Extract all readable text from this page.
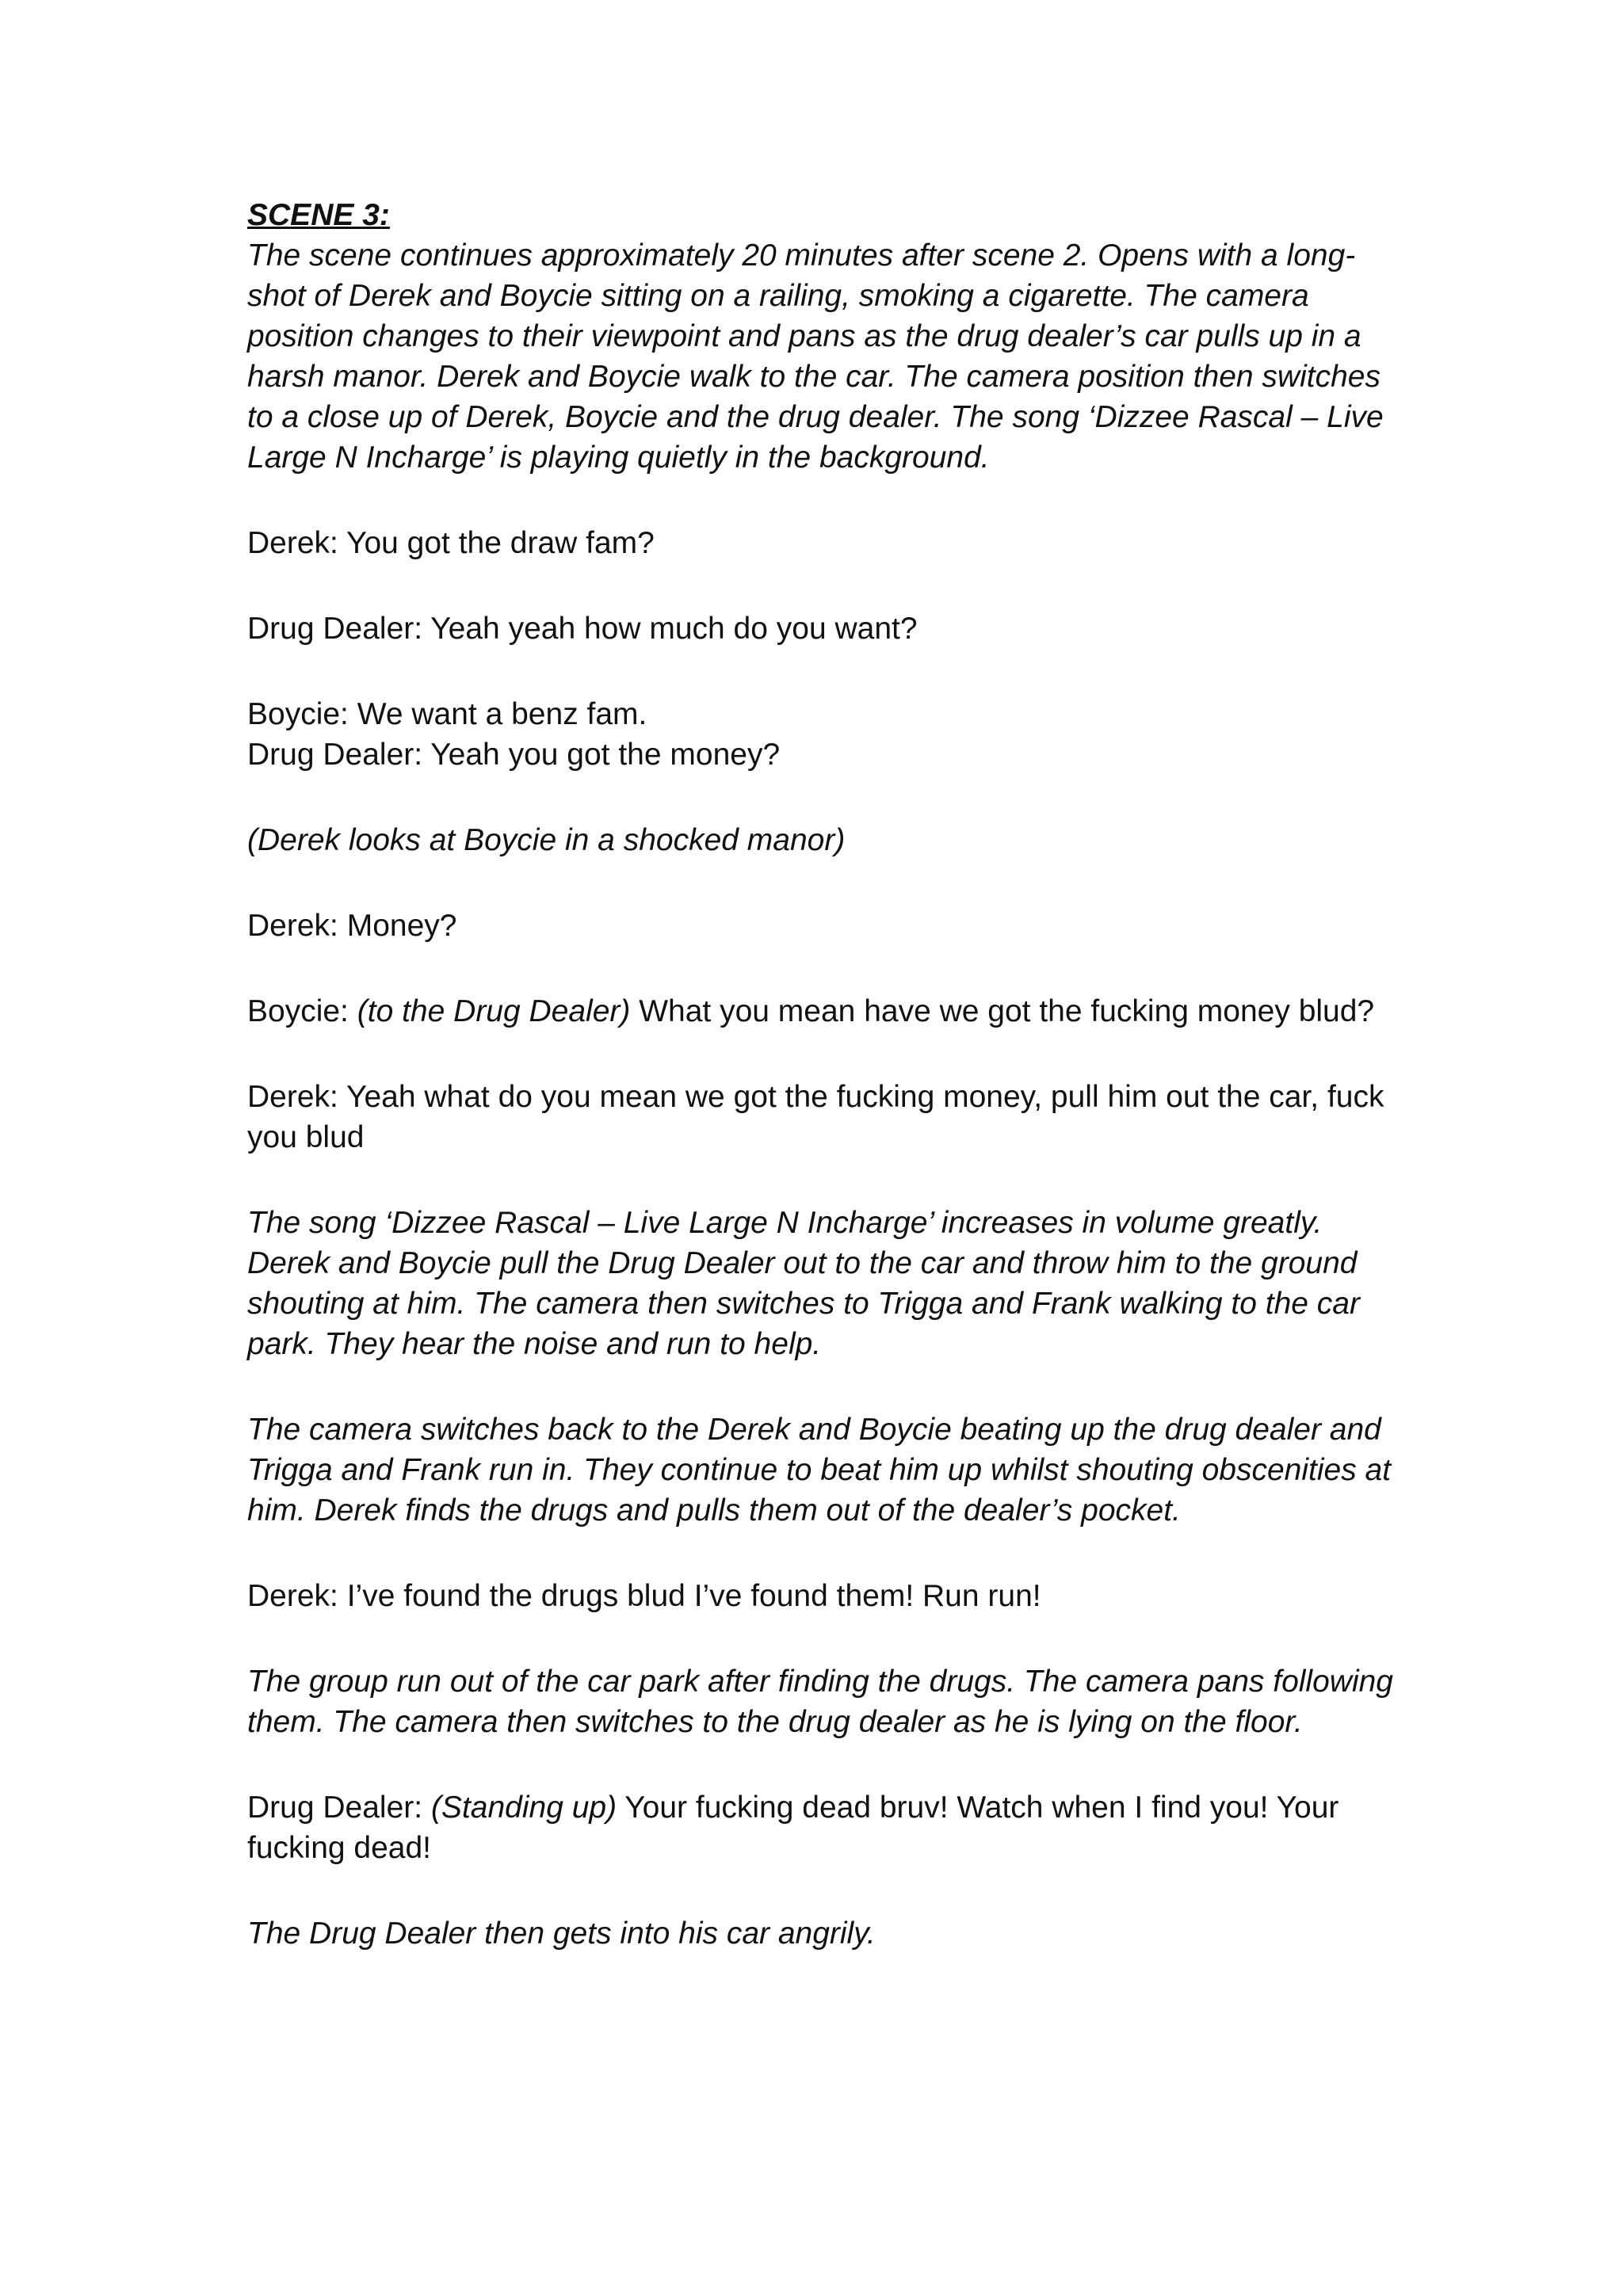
SCENE 3:

The scene continues approximately 20 minutes after scene 2. Opens with a long-shot of Derek and Boycie sitting on a railing, smoking a cigarette. The camera position changes to their viewpoint and pans as the drug dealer’s car pulls up in a harsh manor. Derek and Boycie walk to the car. The camera position then switches to a close up of Derek, Boycie and the drug dealer. The song ‘Dizzee Rascal – Live Large N Incharge’ is playing quietly in the background.

Derek: You got the draw fam?

Drug Dealer: Yeah yeah how much do you want?

Boycie: We want a benz fam.

Drug Dealer: Yeah you got the money?

(Derek looks at Boycie in a shocked manor)

Derek: Money?

Boycie: (to the Drug Dealer) What you mean have we got the fucking money blud?

Derek: Yeah what do you mean we got the fucking money, pull him out the car, fuck you blud

The song ‘Dizzee Rascal – Live Large N Incharge’ increases in volume greatly. Derek and Boycie pull the Drug Dealer out to the car and throw him to the ground shouting at him. The camera then switches to Trigga and Frank walking to the car park. They hear the noise and run to help.

The camera switches back to the Derek and Boycie beating up the drug dealer and Trigga and Frank run in. They continue to beat him up whilst shouting obscenities at him. Derek finds the drugs and pulls them out of the dealer’s pocket.

Derek: I’ve found the drugs blud I’ve found them! Run run!

The group run out of the car park after finding the drugs. The camera pans following them. The camera then switches to the drug dealer as he is lying on the floor.

Drug Dealer: (Standing up) Your fucking dead bruv! Watch when I find you! Your fucking dead!

The Drug Dealer then gets into his car angrily.
